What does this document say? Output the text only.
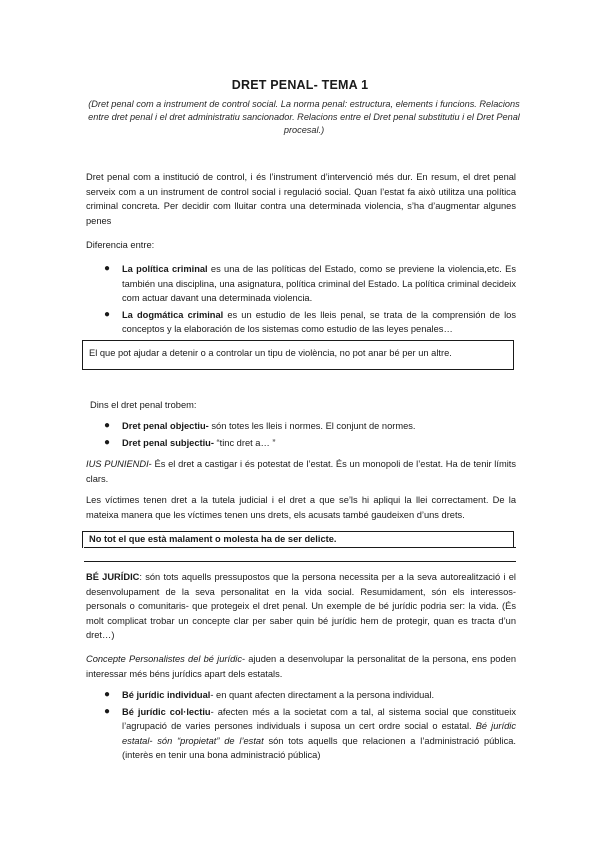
DRET PENAL- TEMA 1
(Dret penal com a instrument de control social. La norma penal: estructura, elements i funcions. Relacions entre dret penal i el dret administratiu sancionador. Relacions entre el Dret penal substitutiu i el Dret Penal procesal.)
Dret penal com a institució de control, i és l’instrument d’intervenció més dur. En resum, el dret penal serveix com a un instrument de control social i regulació social. Quan l’estat fa això utilitza una política criminal concreta. Per decidir com lluitar contra una determinada violencia, s’ha d’augmentar algunes penes
Diferencia entre:
● La política criminal es una de las políticas del Estado, como se previene la violencia,etc. Es también una disciplina, una asignatura, política criminal del Estado. La política criminal decideix com actuar davant una determinada violencia.
● La dogmática criminal es un estudio de les lleis penal, se trata de la comprensión de los conceptos y la elaboración de los sistemas como estudio de las leyes penales…
El que pot ajudar a detenir o a controlar un tipu de violència, no pot anar bé per un altre.
Dins el dret penal trobem:
● Dret penal objectiu- són totes les lleis i normes. El conjunt de normes.
● Dret penal subjectiu- “tinc dret a… ”
IUS PUNIENDI- És el dret a castigar i és potestat de l’estat. És un monopoli de l’estat. Ha de tenir límits clars.
Les víctimes tenen dret a la tutela judicial i el dret a que se’ls hi apliqui la llei correctament. De la mateixa manera que les víctimes tenen uns drets, els acusats també gaudeixen d’uns drets.
No tot el que està malament o molesta ha de ser delicte.
BÉ JURÍDIC: són tots aquells pressupostos que la persona necessita per a la seva autorealització i el desenvolupament de la seva personalitat en la vida social. Resumidament, són els interessos- personals o comunitaris- que protegeix el dret penal. Un exemple de bé jurídic podria ser: la vida. (És molt complicat trobar un concepte clar per saber quin bé jurídic hem de protegir, quan es tracta d’un dret…)
Concepte Personalistes del bé jurídic- ajuden a desenvolupar la personalitat de la persona, ens poden interessar més béns jurídics apart dels estatals.
● Bé jurídic individual- en quant afecten directament a la persona individual.
● Bé jurídic col·lectiu- afecten més a la societat com a tal, al sistema social que constitueix l’agrupació de varies persones individuals i suposa un cert ordre social o estatal. Bé jurídic estatal- són “propietat” de l’estat són tots aquells que relacionen a l’administració pública. (interès en tenir una bona administració pública)
